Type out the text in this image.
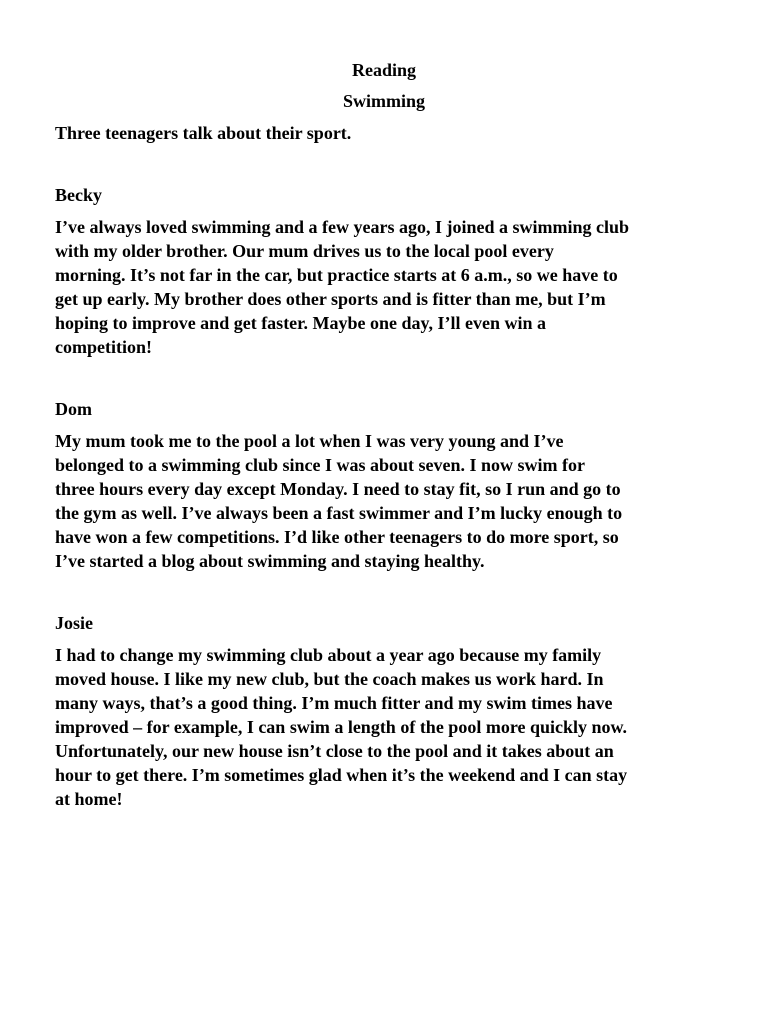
Reading
Swimming
Three teenagers talk about their sport.
Becky
I’ve always loved swimming and a few years ago, I joined a swimming club
with my older brother. Our mum drives us to the local pool every
morning. It’s not far in the car, but practice starts at 6 a.m., so we have to
get up early. My brother does other sports and is fitter than me, but I’m
hoping to improve and get faster. Maybe one day, I’ll even win a
competition!
Dom
My mum took me to the pool a lot when I was very young and I’ve
belonged to a swimming club since I was about seven. I now swim for
three hours every day except Monday. I need to stay fit, so I run and go to
the gym as well. I’ve always been a fast swimmer and I’m lucky enough to
have won a few competitions. I’d like other teenagers to do more sport, so
I’ve started a blog about swimming and staying healthy.
Josie
I had to change my swimming club about a year ago because my family
moved house. I like my new club, but the coach makes us work hard. In
many ways, that’s a good thing. I’m much fitter and my swim times have
improved – for example, I can swim a length of the pool more quickly now.
Unfortunately, our new house isn’t close to the pool and it takes about an
hour to get there. I’m sometimes glad when it’s the weekend and I can stay
at home!
